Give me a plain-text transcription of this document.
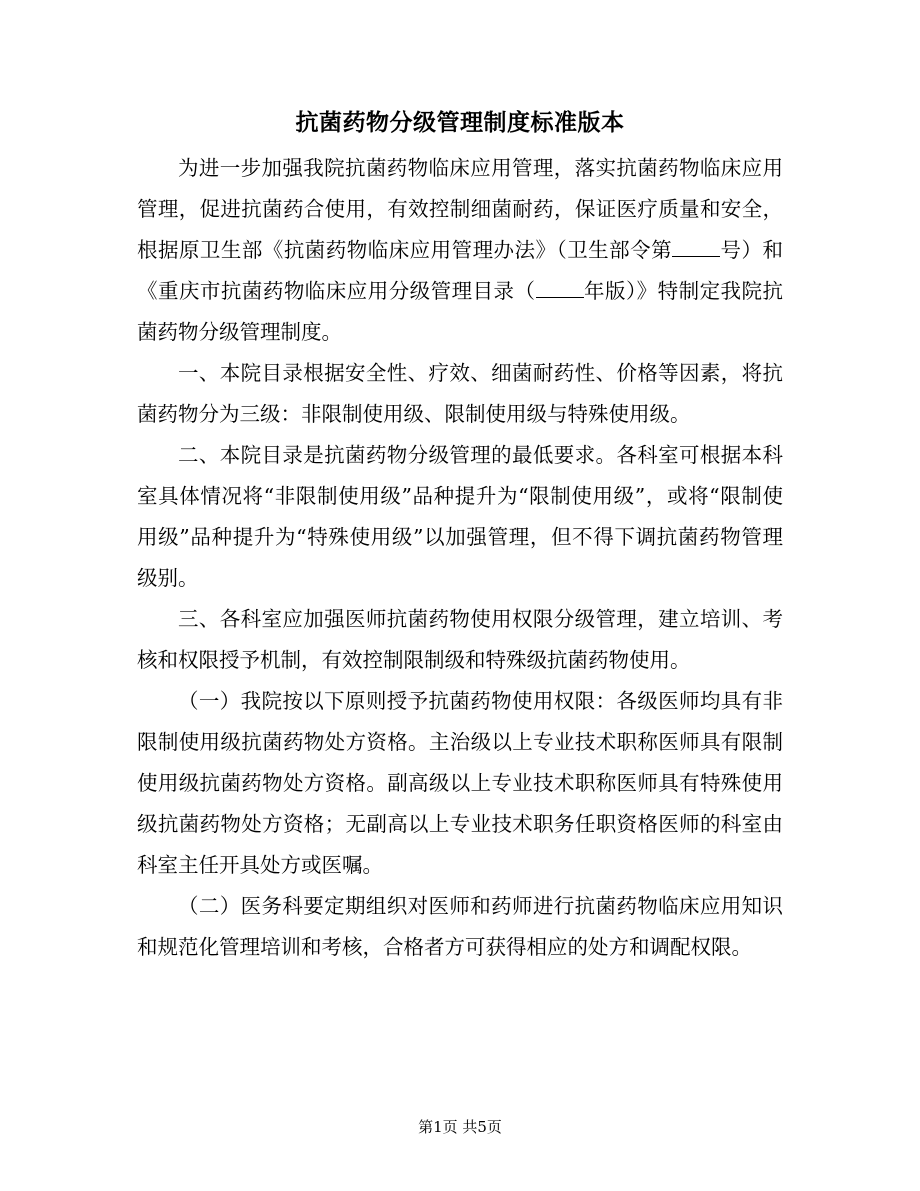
抗菌药物分级管理制度标准版本

为进一步加强我院抗菌药物临床应用管理，落实抗菌药物临床应用管理，促进抗菌药合使用，有效控制细菌耐药，保证医疗质量和安全，根据原卫生部《抗菌药物临床应用管理办法》（卫生部令第 号）和《重庆市抗菌药物临床应用分级管理目录（ 年版）》特制定我院抗菌药物分级管理制度。

一、本院目录根据安全性、疗效、细菌耐药性、价格等因素，将抗菌药物分为三级：非限制使用级、限制使用级与特殊使用级。

二、本院目录是抗菌药物分级管理的最低要求。各科室可根据本科室具体情况将“非限制使用级”品种提升为“限制使用级”，或将“限制使用级”品种提升为“特殊使用级”以加强管理，但不得下调抗菌药物管理级别。

三、各科室应加强医师抗菌药物使用权限分级管理，建立培训、考核和权限授予机制，有效控制限制级和特殊级抗菌药物使用。

（一）我院按以下原则授予抗菌药物使用权限：各级医师均具有非限制使用级抗菌药物处方资格。主治级以上专业技术职称医师具有限制使用级抗菌药物处方资格。副高级以上专业技术职称医师具有特殊使用级抗菌药物处方资格；无副高以上专业技术职务任职资格医师的科室由科室主任开具处方或医嘱。

（二）医务科要定期组织对医师和药师进行抗菌药物临床应用知识和规范化管理培训和考核，合格者方可获得相应的处方和调配权限。

第1页 共5页
